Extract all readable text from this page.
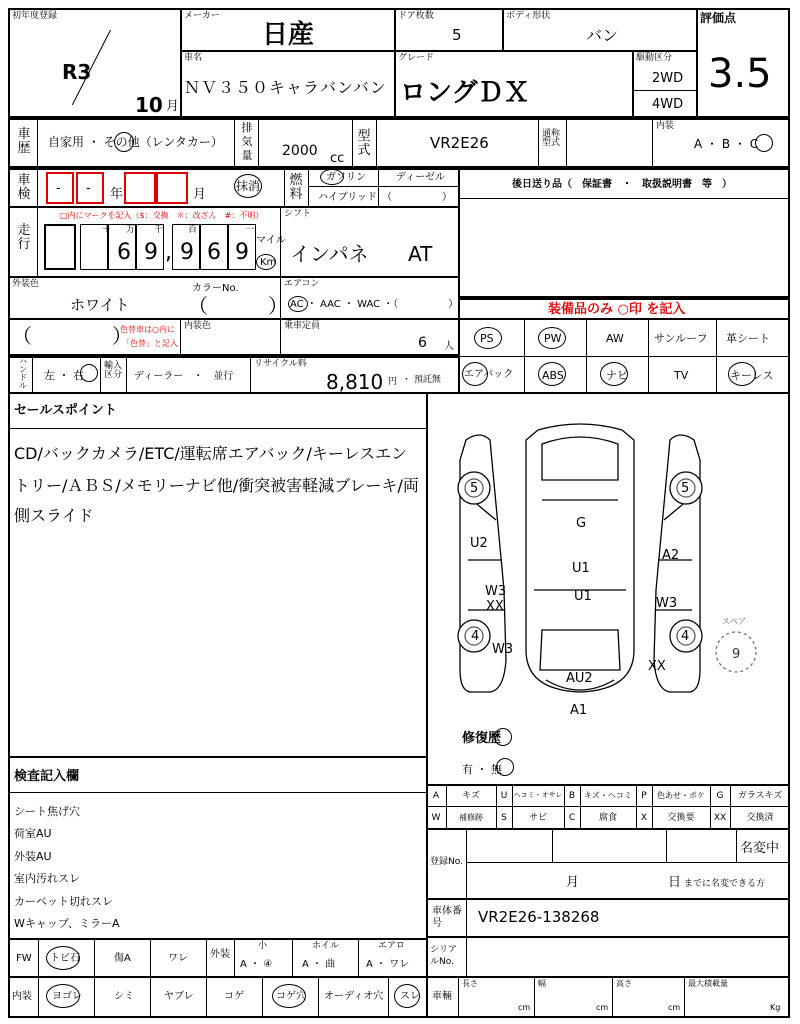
初年度登録
R3
10 月
メーカー
日産
ドア枚数
5
ボディ形状
バン
評価点
3.5
車名
ＮＶ３５０キャラバンバン
グレード
ロングＤＸ
駆動区分
2WD
4WD
車歴 自家用 ・ その他（レンタカー）
排気量 2000 cc
型式	VR2E26	通称型式
内装
A ・ B ・ C
車検 - - 年	月
抹消 燃料
ガソリン	ディーゼル
ハイブリッド （　　　　　）
後日送り品（　保証書　・　取扱説明書　等　）
走行
□内にマークを記入（$：交換　＊：改ざん　#：不明）
＋ 万 千	百	一
6 9 , 9 6 9 マイル
Km
シフト
インパネ AT
外装色
ホワイト
カラーNo.
（　　　）
エアコン
AC ・ AAC ・ WAC ・（　　　　　）	装備品のみ ○印 を記入
（　　　　）
色替車は○内に
「色替」と記入
内装色	乗車定員
6 人
PS	PW	AW	サンルーフ 革シート
エアバック	ABS	ナビ	TV	キーレス
ハンドル
左 ・ 右
輸入区分	ディーラー　・　並行
リサイクル料
8,810 円 ・ 預託無
セールスポイント
CD/バックカメラ/ETC/運転席エアバック/キーレスエン
トリー/ＡＢＳ/メモリーナビ他/衝突被害軽減ブレーキ/両
側スライド
5	5
4	4
G
U1
U1
U2
A2
W3
XX	W3
W3
XX
AU2
A1
スペア
9
修復歴
有 ・ 無
検査記入欄
シート焦げ穴
荷室AU
外装AU
室内汚れスレ
カーペット切れスレ
Wキャップ、ミラーA
A	キズ	U ヘコミ・オサレ B	キズ・ヘコミ	P	色あせ・ボケ	G	ガラスキズ
W	補修跡	S	サビ	C	腐食	X	交換要	XX	交換済
登録No.
名変中
月	日 までに名変できる方
車体番号	VR2E26-138268
FW トビ石	傷A	ワレ 外装
小
A ・ ④
ホイル
A ・ 曲
エアロ
A ・ ワレ
シリアルNo.
内装 ヨゴレ	シミ	ヤブレ	コゲ	コゲ穴 オーディオ穴 スレ 車輛
長さ
cm
幅
cm
高さ
cm
最大積載量
Kg
